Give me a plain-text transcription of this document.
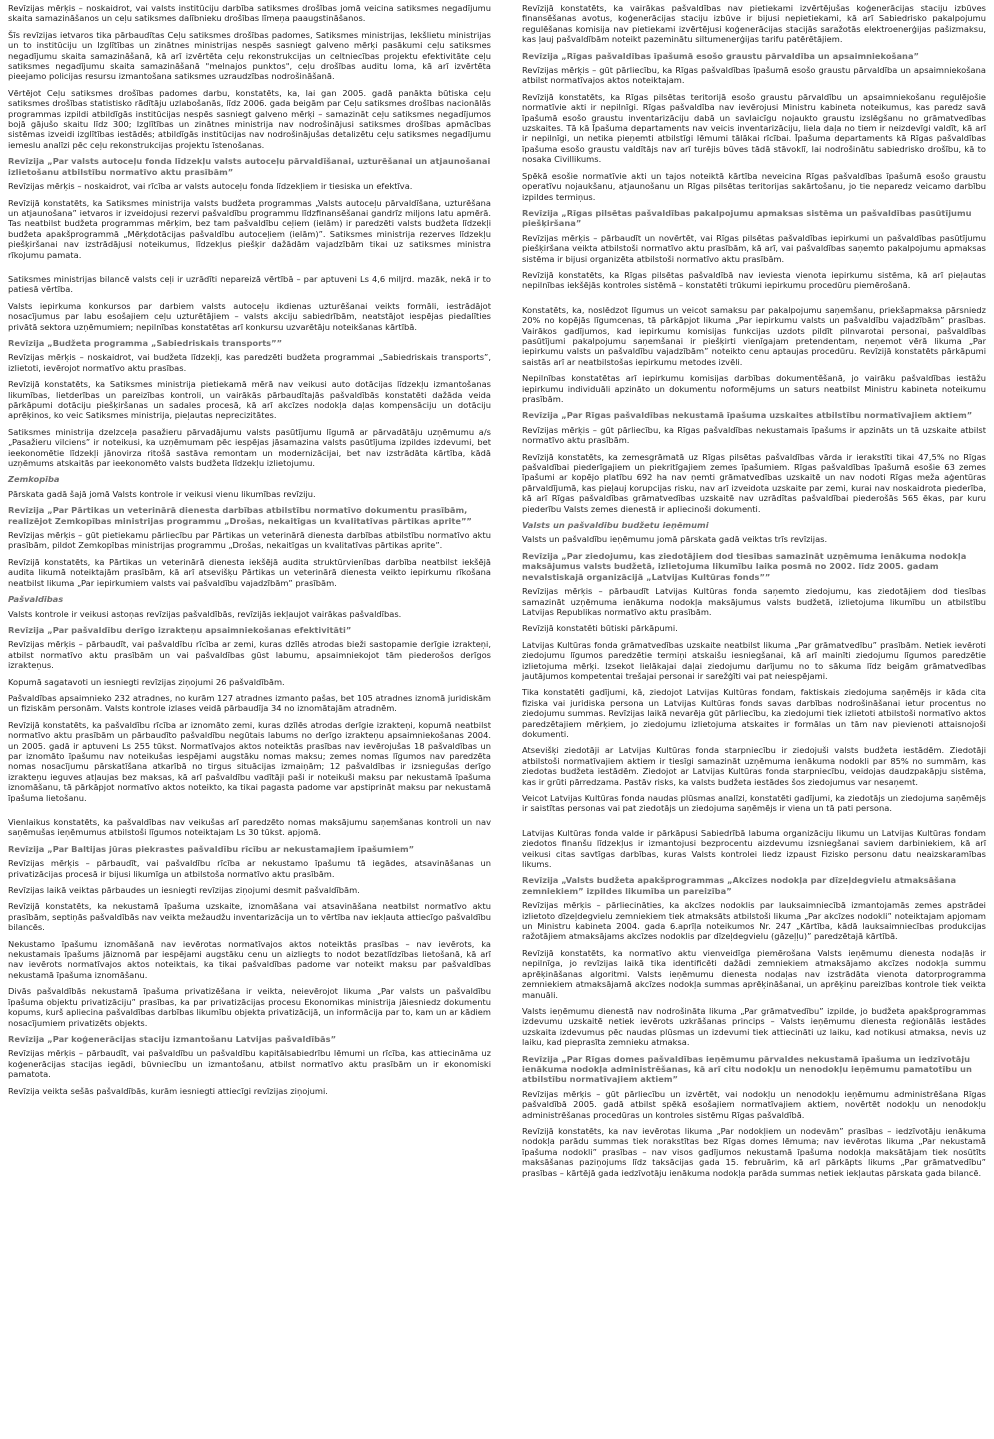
Revīzijas mērķis – noskaidrot, vai valsts institūciju darbība satiksmes drošības jomā veicina satiksmes negadījumu skaita samazināšanos un ceļu satiksmes dalībnieku drošības līmeņa paaugstināšanos.

Šīs revīzijas ietvaros tika pārbaudītas Ceļu satiksmes drošības padomes, Satiksmes ministrijas, Iekšlietu ministrijas un to institūciju un Izglītības un zinātnes ministrijas nespēs sasniegt galveno mērķi pasākumi ceļu satiksmes negadījumu skaita samazināšanā, kā arī izvērtēta ceļu rekonstrukcijas un celtniecības projektu efektivitāte ceļu satiksmes negadījumu skaita samazināšanā "melnajos punktos", ceļu drošības auditu loma, kā arī izvērtēta pieejamo policijas resursu izmantošana satiksmes uzraudzības nodrošināšanā.

Vērtējot Ceļu satiksmes drošības padomes darbu, konstatēts, ka, lai gan 2005. gadā panākta būtiska ceļu satiksmes drošības statistisko rādītāju uzlabošanās, līdz 2006. gada beigām par Ceļu satiksmes drošības nacionālās programmas izpildi atbildīgās institūcijas nespēs sasniegt galveno mērķi – samazināt ceļu satiksmes negadījumos bojā gājušo skaitu līdz 300; Izglītības un zinātnes ministrija nav nodrošinājusi satiksmes drošības apmācības sistēmas izveidi izglītības iestādēs; atbildīgās institūcijas nav nodrošinājušas detalizētu ceļu satiksmes negadījumu iemeslu analīzi pēc ceļu rekonstrukcijas projektu īstenošanas.

Revīzija „Par valsts autoceļu fonda līdzekļu valsts autoceļu pārvaldīšanai, uzturēšanai un atjaunošanai izlietošanu atbilstību normatīvo aktu prasībām”

Revīzijas mērķis – noskaidrot, vai rīcība ar valsts autoceļu fonda līdzekļiem ir tiesiska un efektīva.

Revīzijā konstatēts, ka Satiksmes ministrija valsts budžeta programmas „Valsts autoceļu pārvaldīšana, uzturēšana un atjaunošana” ietvaros ir izveidojusi rezervi pašvaldību programmu līdzfinansēšanai gandrīz miljons latu apmērā. Tas neatbilst budžeta programmas mērķim, bez tam pašvaldību ceļiem (ielām) ir paredzēti valsts budžeta līdzekļi budžeta apakšprogrammā „Mērķdotācijas pašvaldību autoceļiem (ielām)”. Satiksmes ministrija rezerves līdzekļu piešķiršanai nav izstrādājusi noteikumus, līdzekļus piešķir dažādām vajadzībām tikai uz satiksmes ministra rīkojumu pamata.

Satiksmes ministrijas bilancē valsts ceļi ir uzrādīti nepareizā vērtībā – par aptuveni Ls 4,6 miljrd. mazāk, nekā ir to patiesā vērtība.

Valsts iepirkuma konkursos par darbiem valsts autoceļu ikdienas uzturēšanai veikts formāli, iestrādājot nosacījumus par labu esošajiem ceļu uzturētājiem – valsts akciju sabiedrībām, neatstājot iespējas piedalīties privātā sektora uzņēmumiem; nepilnības konstatētas arī konkursu uzvarētāju noteikšanas kārtībā.

Revīzija „Budžeta programma „Sabiedriskais transports””

Revīzijas mērķis – noskaidrot, vai budžeta līdzekļi, kas paredzēti budžeta programmai „Sabiedriskais transports”, izlietoti, ievērojot normatīvo aktu prasības.

Revīzijā konstatēts, ka Satiksmes ministrija pietiekamā mērā nav veikusi auto dotācijas līdzekļu izmantošanas likumības, lietderības un pareizības kontroli, un vairākās pārbaudītajās pašvaldībās konstatēti dažāda veida pārkāpumi dotāciju piešķiršanas un sadales procesā, kā arī akcīzes nodokļa daļas kompensāciju un dotāciju aprēķinos, ko veic Satiksmes ministrija, pieļautas neprecizitātes.

Satiksmes ministrija dzelzceļa pasažieru pārvadājumu valsts pasūtījumu līgumā ar pārvadātāju uzņēmumu a/s „Pasažieru vilciens” ir noteikusi, ka uzņēmumam pēc iespējas jāsamazina valsts pasūtījuma izpildes izdevumi, bet ieekonomētie līdzekļi jānovirza ritošā sastāva remontam un modernizācijai, bet nav izstrādāta kārtība, kādā uzņēmums atskaitās par ieekonomēto valsts budžeta līdzekļu izlietojumu.

Zemkopība

Pārskata gadā šajā jomā Valsts kontrole ir veikusi vienu likumības revīziju.

Revīzija „Par Pārtikas un veterinārā dienesta darbības atbilstību normatīvo dokumentu prasībām, realizējot Zemkopības ministrijas programmu „Drošas, nekaitīgas un kvalitatīvas pārtikas aprite””

Revīzijas mērķis – gūt pietiekamu pārliecību par Pārtikas un veterinārā dienesta darbības atbilstību normatīvo aktu prasībām, pildot Zemkopības ministrijas programmu „Drošas, nekaitīgas un kvalitatīvas pārtikas aprite”.

Revīzijā konstatēts, ka Pārtikas un veterinārā dienesta iekšējā audita struktūrvienības darbība neatbilst iekšējā audita likumā noteiktajām prasībām, kā arī atsevišķu Pārtikas un veterinārā dienesta veikto iepirkumu rīkošana neatbilst likuma „Par iepirkumiem valsts vai pašvaldību vajadzībām” prasībām.

Pašvaldības

Valsts kontrole ir veikusi astoņas revīzijas pašvaldībās, revīzijās iekļaujot vairākas pašvaldības.

Revīzija „Par pašvaldību derīgo izrakteņu apsaimniekošanas efektivitāti”

Revīzijas mērķis – pārbaudīt, vai pašvaldību rīcība ar zemi, kuras dzīlēs atrodas bieži sastopamie derīgie izrakteņi, atbilst normatīvo aktu prasībām un vai pašvaldības gūst labumu, apsaimniekojot tām piederošos derīgos izrakteņus.

Kopumā sagatavoti un iesniegti revīzijas ziņojumi 26 pašvaldībām.

Pašvaldības apsaimnieko 232 atradnes, no kurām 127 atradnes izmanto pašas, bet 105 atradnes iznomā juridiskām un fiziskām personām. Valsts kontrole izlases veidā pārbaudīja 34 no iznomātajām atradnēm.

Revīzijā konstatēts, ka pašvaldību rīcība ar iznomāto zemi, kuras dzīlēs atrodas derīgie izrakteņi, kopumā neatbilst normatīvo aktu prasībām un pārbaudīto pašvaldību negūtais labums no derīgo izrakteņu apsaimniekošanas 2004. un 2005. gadā ir aptuveni Ls 255 tūkst. Normatīvajos aktos noteiktās prasības nav ievērojušas 18 pašvaldības un par iznomāto īpašumu nav noteikušas iespējami augstāku nomas maksu; zemes nomas līgumos nav paredzēta nomas nosacījumu pārskatīšana atkarībā no tirgus situācijas izmaiņām; 12 pašvaldības ir izsniegušas derīgo izrakteņu ieguves atļaujas bez maksas, kā arī pašvaldību vadītāji paši ir noteikuši maksu par nekustamā īpašuma iznomāšanu, tā pārkāpjot normatīvo aktos noteikto, ka tikai pagasta padome var apstiprināt maksu par nekustamā īpašuma lietošanu.

Vienlaikus konstatēts, ka pašvaldības nav veikušas arī paredzēto nomas maksājumu saņemšanas kontroli un nav saņēmušas ieņēmumus atbilstoši līgumos noteiktajam Ls 30 tūkst. apjomā.

Revīzija „Par Baltijas jūras piekrastes pašvaldību rīcību ar nekustamajiem īpašumiem”

Revīzijas mērķis – pārbaudīt, vai pašvaldību rīcība ar nekustamo īpašumu tā iegādes, atsavināšanas un privatizācijas procesā ir bijusi likumīga un atbilstoša normatīvo aktu prasībām.

Revīzijas laikā veiktas pārbaudes un iesniegti revīzijas ziņojumi desmit pašvaldībām.

Revīzijā konstatēts, ka nekustamā īpašuma uzskaite, iznomāšana vai atsavināšana neatbilst normatīvo aktu prasībām, septiņās pašvaldībās nav veikta mežaudžu inventarizācija un to vērtība nav iekļauta attiecīgo pašvaldību bilancēs.

Nekustamo īpašumu iznomāšanā nav ievērotas normatīvajos aktos noteiktās prasības – nav ievērots, ka nekustamais īpašums jāiznomā par iespējami augstāku cenu un aizliegts to nodot bezatlīdzības lietošanā, kā arī nav ievērots normatīvajos aktos noteiktais, ka tikai pašvaldības padome var noteikt maksu par pašvaldības nekustamā īpašuma iznomāšanu.

Divās pašvaldībās nekustamā īpašuma privatizēšana ir veikta, neievērojot likuma „Par valsts un pašvaldību īpašuma objektu privatizāciju” prasības, ka par privatizācijas procesu Ekonomikas ministrija jāiesniedz dokumentu kopums, kurš apliecina pašvaldības darbības likumību objekta privatizācijā, un informācija par to, kam un ar kādiem nosacījumiem privatizēts objekts.

Revīzija „Par koģenerācijas staciju izmantošanu Latvijas pašvaldībās”

Revīzijas mērķis – pārbaudīt, vai pašvaldību un pašvaldību kapitālsabiedrību lēmumi un rīcība, kas attiecināma uz koģenerācijas stacijas iegādi, būvniecību un izmantošanu, atbilst normatīvo aktu prasībām un ir ekonomiski pamatota.

Revīzija veikta sešās pašvaldībās, kurām iesniegti attiecīgi revīzijas ziņojumi.

Revīzijā konstatēts, ka vairākas pašvaldības nav pietiekami izvērtējušas koģenerācijas staciju izbūves finansēšanas avotus, koģenerācijas staciju izbūve ir bijusi nepietiekami, kā arī Sabiedrisko pakalpojumu regulēšanas komisija nav pietiekami izvērtējusi koģenerācijas stacijās saražotās elektroenerģijas pašizmaksu, kas ļauj pašvaldībām noteikt pazeminātu siltumenerģijas tarifu patērētājiem.

Revīzija „Rīgas pašvaldības īpašumā esošo graustu pārvaldība un apsaimniekošana”

Revīzijas mērķis – gūt pārliecību, ka Rīgas pašvaldības īpašumā esošo graustu pārvaldība un apsaimniekošana atbilst normatīvajos aktos noteiktajam.

Revīzijā konstatēts, ka Rīgas pilsētas teritorijā esošo graustu pārvaldību un apsaimniekošanu regulējošie normatīvie akti ir nepilnīgi. Rīgas pašvaldība nav ievērojusi Ministru kabineta noteikumus, kas paredz savā īpašumā esošo graustu inventarizāciju dabā un savlaicīgu nojaukto graustu izslēgšanu no grāmatvedības uzskaites. Tā kā Īpašuma departaments nav veicis inventarizāciju, liela daļa no tiem ir neizdevīgi valdīt, kā arī ir nepilnīgi, un netika pieņemti atbilstīgi lēmumi tālākai rīcībai. Īpašuma departaments kā Rīgas pašvaldības īpašuma esošo graustu valdītājs nav arī turējis būves tādā stāvoklī, lai nodrošinātu sabiedrisko drošību, kā to nosaka Civillikums.

Spēkā esošie normatīvie akti un tajos noteiktā kārtība neveicina Rīgas pašvaldības īpašumā esošo graustu operatīvu nojaukšanu, atjaunošanu un Rīgas pilsētas teritorijas sakārtošanu, jo tie neparedz veicamo darbību izpildes termiņus.

Revīzija „Rīgas pilsētas pašvaldības pakalpojumu apmaksas sistēma un pašvaldības pasūtījumu piešķiršana”

Revīzijas mērķis – pārbaudīt un novērtēt, vai Rīgas pilsētas pašvaldības iepirkumi un pašvaldības pasūtījumu piešķiršana veikta atbilstoši normatīvo aktu prasībām, kā arī, vai pašvaldības saņemto pakalpojumu apmaksas sistēma ir bijusi organizēta atbilstoši normatīvo aktu prasībām.

Revīzijā konstatēts, ka Rīgas pilsētas pašvaldībā nav ieviesta vienota iepirkumu sistēma, kā arī pieļautas nepilnības iekšējās kontroles sistēmā – konstatēti trūkumi iepirkumu procedūru piemērošanā.

Konstatēts, ka, noslēdzot līgumus un veicot samaksu par pakalpojumu saņemšanu, priekšapmaksa pārsniedz 20% no kopējās līgumcenas, tā pārkāpjot likuma „Par iepirkumu valsts un pašvaldību vajadzībām” prasības. Vairākos gadījumos, kad iepirkumu komisijas funkcijas uzdots pildīt pilnvarotai personai, pašvaldības pasūtījumi pakalpojumu saņemšanai ir piešķirti vienīgajam pretendentam, neņemot vērā likuma „Par iepirkumu valsts un pašvaldību vajadzībām” noteikto cenu aptaujas procedūru. Revīzijā konstatēts pārkāpumi saistās arī ar neatbilstošas iepirkumu metodes izvēli.

Nepilnības konstatētas arī iepirkumu komisijas darbības dokumentēšanā, jo vairāku pašvaldības iestāžu iepirkumu individuāli apzināto un dokumentu noformējums un saturs neatbilst Ministru kabineta noteikumu prasībām.

Revīzija „Par Rīgas pašvaldības nekustamā īpašuma uzskaites atbilstību normatīvajiem aktiem”

Revīzijas mērķis – gūt pārliecību, ka Rīgas pašvaldības nekustamais īpašums ir apzināts un tā uzskaite atbilst normatīvo aktu prasībām.

Revīzijā konstatēts, ka zemesgrāmatā uz Rīgas pilsētas pašvaldības vārda ir ierakstīti tikai 47,5% no Rīgas pašvaldībai piederīgajiem un piekritīgajiem zemes īpašumiem. Rīgas pašvaldības īpašumā esošie 63 zemes īpašumi ar kopējo platību 692 ha nav ņemti grāmatvedības uzskaitē un nav nodoti Rīgas meža aģentūras pārvaldījumā, kas pieļauj korupcijas risku, nav arī izveidota uzskaite par zemi, kurai nav noskaidrota piederība, kā arī Rīgas pašvaldības grāmatvedības uzskaitē nav uzrādītas pašvaldībai piederošās 565 ēkas, par kuru piederību Valsts zemes dienestā ir apliecinoši dokumenti.

Valsts un pašvaldību budžetu ieņēmumi

Valsts un pašvaldību ieņēmumu jomā pārskata gadā veiktas trīs revīzijas.

Revīzija „Par ziedojumu, kas ziedotājiem dod tiesības samazināt uzņēmuma ienākuma nodokļa maksājumus valsts budžetā, izlietojuma likumību laika posmā no 2002. līdz 2005. gadam nevalstiskajā organizācijā „Latvijas Kultūras fonds””

Revīzijas mērķis – pārbaudīt Latvijas Kultūras fonda saņemto ziedojumu, kas ziedotājiem dod tiesības samazināt uzņēmuma ienākuma nodokļa maksājumus valsts budžetā, izlietojuma likumību un atbilstību Latvijas Republikas normatīvo aktu prasībām.

Revīzijā konstatēti būtiski pārkāpumi.

Latvijas Kultūras fonda grāmatvedības uzskaite neatbilst likuma „Par grāmatvedību” prasībām. Netiek ievēroti ziedojumu līgumos paredzētie termiņi atskaišu iesniegšanai, kā arī mainīti ziedojumu līgumos paredzētie izlietojuma mērķi. Izsekot lielākajai daļai ziedojumu darījumu no to sākuma līdz beigām grāmatvedības jautājumos kompetentai trešajai personai ir sarežģīti vai pat neiespējami.

Tika konstatēti gadījumi, kā, ziedojot Latvijas Kultūras fondam, faktiskais ziedojuma saņēmējs ir kāda cita fiziska vai juridiska persona un Latvijas Kultūras fonds savas darbības nodrošināšanai ietur procentus no ziedojumu summas. Revīzijas laikā nevarēja gūt pārliecību, ka ziedojumi tiek izlietoti atbilstoši normatīvo aktos paredzētajiem mērķiem, jo ziedojumu izlietojuma atskaites ir formālas un tām nav pievienoti attaisnojoši dokumenti.

Atsevišķi ziedotāji ar Latvijas Kultūras fonda starpniecību ir ziedojuši valsts budžeta iestādēm. Ziedotāji atbilstoši normatīvajiem aktiem ir tiesīgi samazināt uzņēmuma ienākuma nodokli par 85% no summām, kas ziedotas budžeta iestādēm. Ziedojot ar Latvijas Kultūras fonda starpniecību, veidojas daudzpakāpju sistēma, kas ir grūti pārredzama. Pastāv risks, ka valsts budžeta iestādes šos ziedojumus var nesaņemt.

Veicot Latvijas Kultūras fonda naudas plūsmas analīzi, konstatēti gadījumi, ka ziedotājs un ziedojuma saņēmējs ir saistītas personas vai pat ziedotājs un ziedojuma saņēmējs ir viena un tā pati persona.

Latvijas Kultūras fonda valde ir pārkāpusi Sabiedrībā labuma organizāciju likumu un Latvijas Kultūras fondam ziedotos finanšu līdzekļus ir izmantojusi bezprocentu aizdevumu izsniegšanai saviem darbiniekiem, kā arī veikusi citas savtīgas darbības, kuras Valsts kontrolei liedz izpaust Fizisko personu datu neaizskaramības likums.

Revīzija „Valsts budžeta apakšprogrammas „Akcīzes nodokļa par dīzeļdegvielu atmaksāšana zemniekiem” izpildes likumība un pareizība”

Revīzijas mērķis – pārliecināties, ka akcīzes nodoklis par lauksaimniecībā izmantojamās zemes apstrādei izlietoto dīzeļdegvielu zemniekiem tiek atmaksāts atbilstoši likuma „Par akcīzes nodokli” noteiktajam apjomam un Ministru kabineta 2004. gada 6.aprīļa noteikumos Nr. 247 „Kārtība, kādā lauksaimniecības produkcijas ražotājiem atmaksājams akcīzes nodoklis par dīzeļdegvielu (gāzeļļu)” paredzētajā kārtībā.

Revīzijā konstatēts, ka normatīvo aktu vienveidīga piemērošana Valsts ieņēmumu dienesta nodaļās ir nepilnīga, jo revīzijas laikā tika identificēti dažādi zemniekiem atmaksājamo akcīzes nodokļa summu aprēķināšanas algoritmi. Valsts ieņēmumu dienesta nodaļas nav izstrādāta vienota datorprogramma zemniekiem atmaksājamā akcīzes nodokļa summas aprēķināšanai, un aprēķinu pareizības kontrole tiek veikta manuāli.

Valsts ieņēmumu dienestā nav nodrošināta likuma „Par grāmatvedību” izpilde, jo budžeta apakšprogrammas izdevumu uzskaitē netiek ievērots uzkrāšanas princips – Valsts ieņēmumu dienesta reģionālās iestādes uzskaita izdevumus pēc naudas plūsmas un izdevumi tiek attiecināti uz laiku, kad notikusi atmaksa, nevis uz laiku, kad pieprasīta zemnieku atmaksa.

Revīzija „Par Rīgas domes pašvaldības ieņēmumu pārvaldes nekustamā īpašuma un iedzīvotāju ienākuma nodokļa administrēšanas, kā arī citu nodokļu un nenodokļu ieņēmumu pamatotību un atbilstību normatīvajiem aktiem”

Revīzijas mērķis – gūt pārliecību un izvērtēt, vai nodokļu un nenodokļu ieņēmumu administrēšana Rīgas pašvaldībā 2005. gadā atbilst spēkā esošajiem normatīvajiem aktiem, novērtēt nodokļu un nenodokļu administrēšanas procedūras un kontroles sistēmu Rīgas pašvaldībā.

Revīzijā konstatēts, ka nav ievērotas likuma „Par nodokļiem un nodevām” prasības – iedzīvotāju ienākuma nodokļa parādu summas tiek norakstītas bez Rīgas domes lēmuma; nav ievērotas likuma „Par nekustamā īpašuma nodokli” prasības – nav visos gadījumos nekustamā īpašuma nodokļa maksātājam tiek nosūtīts maksāšanas paziņojums līdz taksācijas gada 15. februārim, kā arī pārkāpts likums „Par grāmatvedību” prasības – kārtējā gada iedzīvotāju ienākuma nodokļa parāda summas netiek iekļautas pārskata gada bilancē.
